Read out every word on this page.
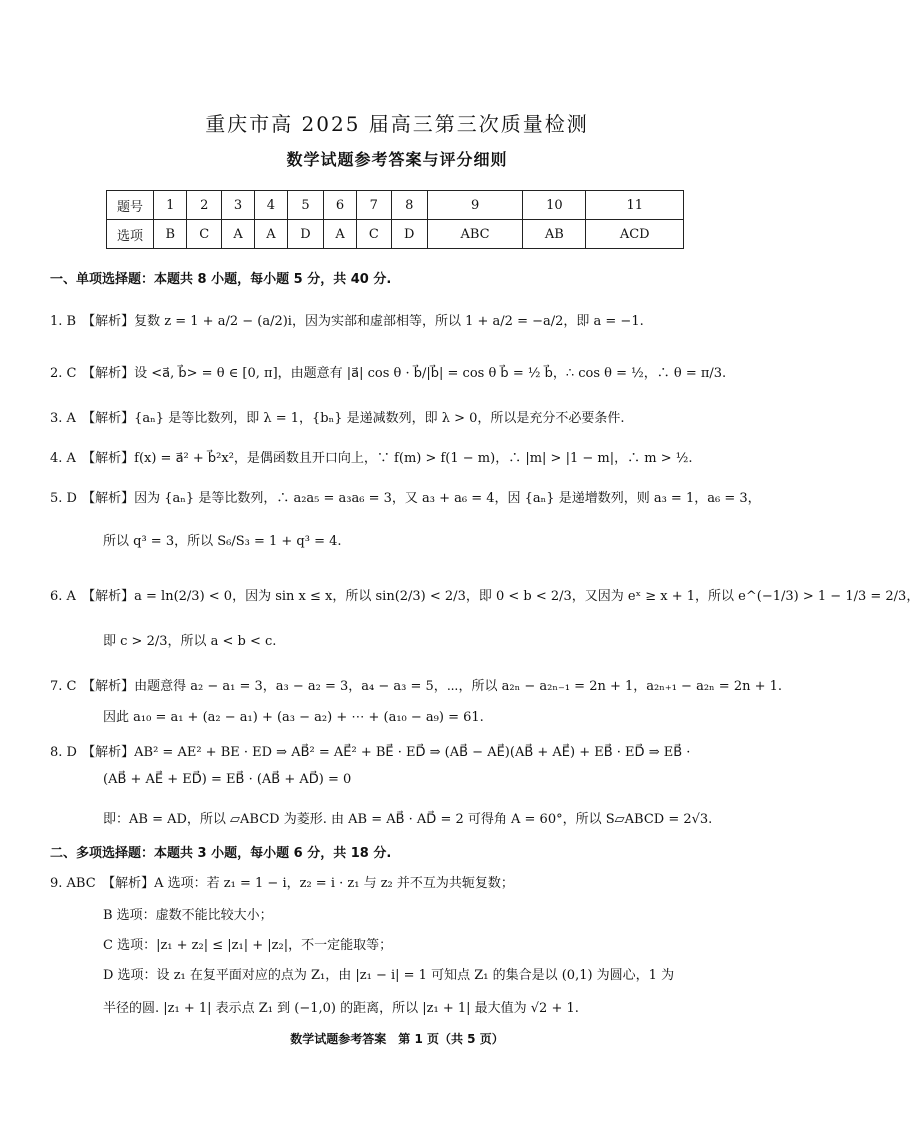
重庆市高 2025 届高三第三次质量检测
数学试题参考答案与评分细则
题号	1	2	3	4	5	6	7	8	9	10	11
选项	B	C	A	A	D	A	C	D	ABC	AB	ACD
一、单项选择题：本题共 8 小题，每小题 5 分，共 40 分.
1. B 【解析】复数 z = 1 + a/2 − (a/2)i，因为实部和虚部相等，所以 1 + a/2 = −a/2，即 a = −1.
2. C 【解析】设 <a⃗, b⃗> = θ ∈ [0, π]，由题意有 |a⃗| cos θ · b⃗/|b⃗| = cos θ b⃗ = ½ b⃗，∴ cos θ = ½，∴ θ = π/3.
3. A 【解析】{aₙ} 是等比数列，即 λ = 1，{bₙ} 是递减数列，即 λ > 0，所以是充分不必要条件.
4. A 【解析】f(x) = a⃗² + b⃗²x²，是偶函数且开口向上，∵ f(m) > f(1 − m)，∴ |m| > |1 − m|，∴ m > ½.
5. D 【解析】因为 {aₙ} 是等比数列，∴ a₂a₅ = a₃a₆ = 3，又 a₃ + a₆ = 4，因 {aₙ} 是递增数列，则 a₃ = 1，a₆ = 3，
所以 q³ = 3，所以 S₆/S₃ = 1 + q³ = 4.
6. A 【解析】a = ln(2/3) < 0，因为 sin x ≤ x，所以 sin(2/3) < 2/3，即 0 < b < 2/3，又因为 eˣ ≥ x + 1，所以 e^(−1/3) > 1 − 1/3 = 2/3，
即 c > 2/3，所以 a < b < c.
7. C 【解析】由题意得 a₂ − a₁ = 3，a₃ − a₂ = 3，a₄ − a₃ = 5，⋯，所以 a₂ₙ − a₂ₙ₋₁ = 2n + 1，a₂ₙ₊₁ − a₂ₙ = 2n + 1.
因此 a₁₀ = a₁ + (a₂ − a₁) + (a₃ − a₂) + ⋯ + (a₁₀ − a₉) = 61.
8. D 【解析】AB² = AE² + BE · ED ⇒ AB⃗² = AE⃗² + BE⃗ · ED⃗ ⇒ (AB⃗ − AE⃗)(AB⃗ + AE⃗) + EB⃗ · ED⃗ ⇒ EB⃗ ·
(AB⃗ + AE⃗ + ED⃗) = EB⃗ · (AB⃗ + AD⃗) = 0
即：AB = AD，所以 ▱ABCD 为菱形. 由 AB = AB⃗ · AD⃗ = 2 可得角 A = 60°，所以 S▱ABCD = 2√3.
二、多项选择题：本题共 3 小题，每小题 6 分，共 18 分.
9. ABC 【解析】A 选项：若 z₁ = 1 − i，z₂ = i · z₁ 与 z₂ 并不互为共轭复数；
B 选项：虚数不能比较大小；
C 选项：|z₁ + z₂| ≤ |z₁| + |z₂|，不一定能取等；
D 选项：设 z₁ 在复平面对应的点为 Z₁，由 |z₁ − i| = 1 可知点 Z₁ 的集合是以 (0,1) 为圆心，1 为
半径的圆. |z₁ + 1| 表示点 Z₁ 到 (−1,0) 的距离，所以 |z₁ + 1| 最大值为 √2 + 1.
数学试题参考答案　第 1 页（共 5 页）
